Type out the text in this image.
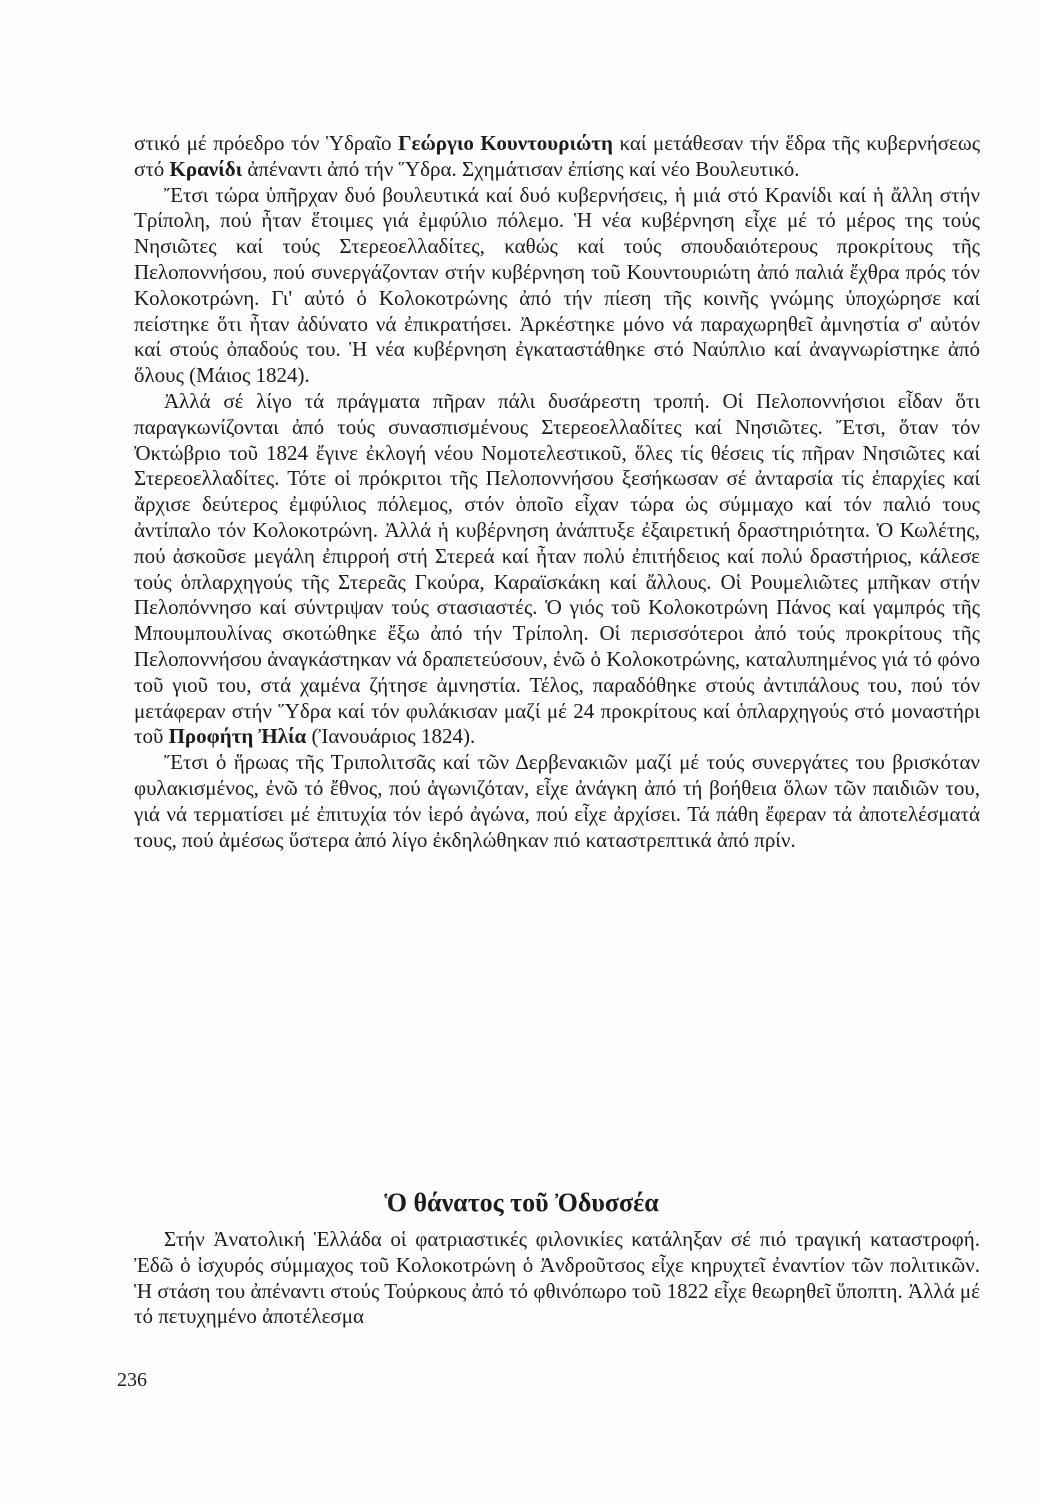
στικό μέ πρόεδρο τόν Ὑδραῖο Γεώργιο Κουντουριώτη καί μετάθεσαν τήν ἕδρα τῆς κυβερνήσεως στό Κρανίδι ἀπέναντι ἀπό τήν Ὕδρα. Σχημάτισαν ἐπίσης καί νέο Βουλευτικό.

Ἔτσι τώρα ὑπῆρχαν δυό βουλευτικά καί δυό κυβερνήσεις, ἡ μιά στό Κρανίδι καί ἡ ἄλλη στήν Τρίπολη, πού ἦταν ἕτοιμες γιά ἐμφύλιο πόλεμο. Ἡ νέα κυβέρνηση εἶχε μέ τό μέρος της τούς Νησιῶτες καί τούς Στερεοελλαδίτες, καθώς καί τούς σπουδαιότερους προκρίτους τῆς Πελοποννήσου, πού συνεργάζονταν στήν κυβέρνηση τοῦ Κουντουριώτη ἀπό παλιά ἔχθρα πρός τόν Κολοκοτρώνη. Γι' αὐτό ὁ Κολοκοτρώνης ἀπό τήν πίεση τῆς κοινῆς γνώμης ὑποχώρησε καί πείστηκε ὅτι ἦταν ἀδύνατο νά ἐπικρατήσει. Ἀρκέστηκε μόνο νά παραχωρηθεῖ ἀμνηστία σ' αὐτόν καί στούς ὀπαδούς του. Ἡ νέα κυβέρνηση ἐγκαταστάθηκε στό Ναύπλιο καί ἀναγνωρίστηκε ἀπό ὅλους (Μάιος 1824).

Ἀλλά σέ λίγο τά πράγματα πῆραν πάλι δυσάρεστη τροπή. Οἱ Πελοποννήσιοι εἶδαν ὅτι παραγκωνίζονται ἀπό τούς συνασπισμένους Στερεοελλαδίτες καί Νησιῶτες. Ἔτσι, ὅταν τόν Ὀκτώβριο τοῦ 1824 ἔγινε ἐκλογή νέου Νομοτελεστικοῦ, ὅλες τίς θέσεις τίς πῆραν Νησιῶτες καί Στερεοελλαδίτες. Τότε οἱ πρόκριτοι τῆς Πελοποννήσου ξεσήκωσαν σέ ἀνταρσία τίς ἐπαρχίες καί ἄρχισε δεύτερος ἐμφύλιος πόλεμος, στόν ὁποῖο εἶχαν τώρα ὡς σύμμαχο καί τόν παλιό τους ἀντίπαλο τόν Κολοκοτρώνη. Ἀλλά ἡ κυβέρνηση ἀνάπτυξε ἐξαιρετική δραστηριότητα. Ὁ Κωλέτης, πού ἀσκοῦσε μεγάλη ἐπιρροή στή Στερεά καί ἦταν πολύ ἐπιτήδειος καί πολύ δραστήριος, κάλεσε τούς ὁπλαρχηγούς τῆς Στερεᾶς Γκούρα, Καραϊσκάκη καί ἄλλους. Οἱ Ρουμελιῶτες μπῆκαν στήν Πελοπόννησο καί σύντριψαν τούς στασιαστές. Ὁ γιός τοῦ Κολοκοτρώνη Πάνος καί γαμπρός τῆς Μπουμπουλίνας σκοτώθηκε ἔξω ἀπό τήν Τρίπολη. Οἱ περισσότεροι ἀπό τούς προκρίτους τῆς Πελοποννήσου ἀναγκάστηκαν νά δραπετεύσουν, ἐνῶ ὁ Κολοκοτρώνης, καταλυπημένος γιά τό φόνο τοῦ γιοῦ του, στά χαμένα ζήτησε ἀμνηστία. Τέλος, παραδόθηκε στούς ἀντιπάλους του, πού τόν μετάφεραν στήν Ὕδρα καί τόν φυλάκισαν μαζί μέ 24 προκρίτους καί ὁπλαρχηγούς στό μοναστήρι τοῦ Προφήτη Ἠλία (Ἰανουάριος 1824).

Ἔτσι ὁ ἥρωας τῆς Τριπολιτσᾶς καί τῶν Δερβενακιῶν μαζί μέ τούς συνεργάτες του βρισκόταν φυλακισμένος, ἐνῶ τό ἔθνος, πού ἀγωνιζόταν, εἶχε ἀνάγκη ἀπό τή βοήθεια ὅλων τῶν παιδιῶν του, γιά νά τερματίσει μέ ἐπιτυχία τόν ἱερό ἀγώνα, πού εἶχε ἀρχίσει. Τά πάθη ἔφεραν τά ἀποτελέσματά τους, πού ἀμέσως ὕστερα ἀπό λίγο ἐκδηλώθηκαν πιό καταστρεπτικά ἀπό πρίν.

Ὁ θάνατος τοῦ Ὀδυσσέα

Στήν Ἀνατολική Ἑλλάδα οἱ φατριαστικές φιλονικίες κατάληξαν σέ πιό τραγική καταστροφή. Ἐδῶ ὁ ἰσχυρός σύμμαχος τοῦ Κολοκοτρώνη ὁ Ἀνδροῦτσος εἶχε κηρυχτεῖ ἐναντίον τῶν πολιτικῶν. Ἡ στάση του ἀπέναντι στούς Τούρκους ἀπό τό φθινόπωρο τοῦ 1822 εἶχε θεωρηθεῖ ὕποπτη. Ἀλλά μέ τό πετυχημένο ἀποτέλεσμα

236
